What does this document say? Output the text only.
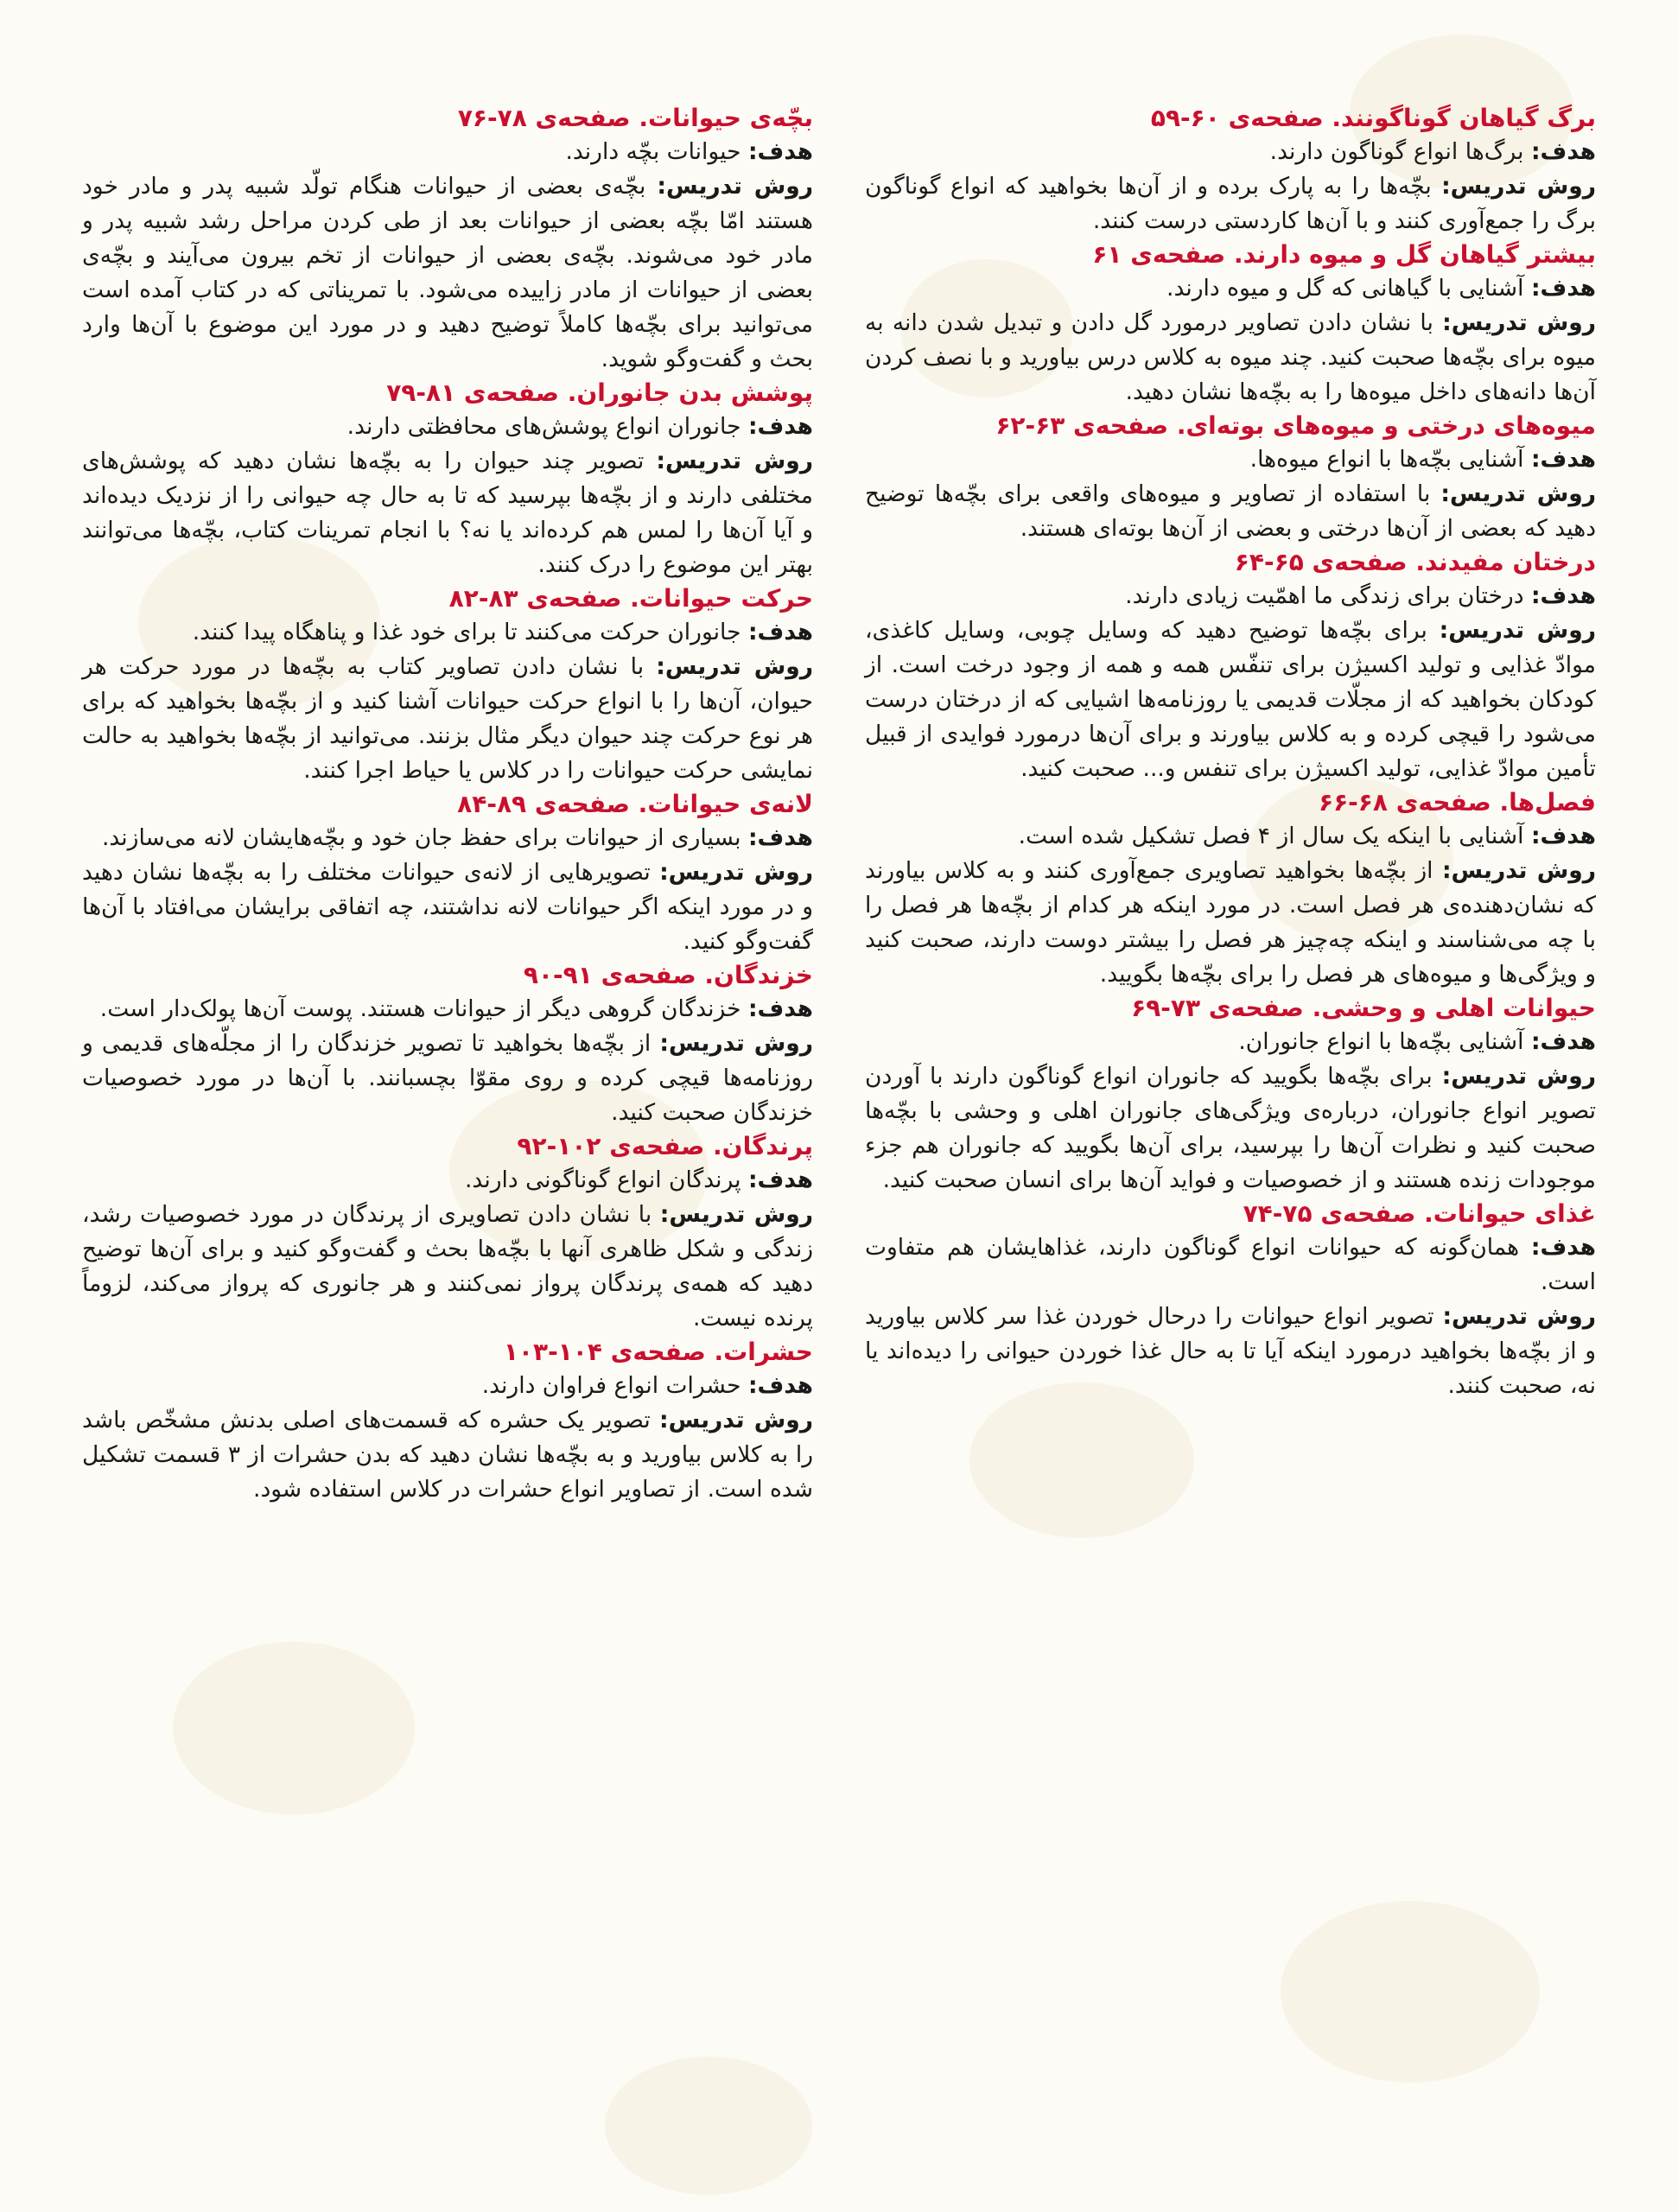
برگ گیاهان گوناگونند. صفحه‌ی ۶۰-۵۹

هدف: برگ‌ها انواع گوناگون دارند.

روش تدریس: بچّه‌ها را به پارک برده و از آن‌ها بخواهید که انواع گوناگون برگ را جمع‌آوری کنند و با آن‌ها کاردستی درست کنند.

بیشتر گیاهان گل و میوه دارند. صفحه‌ی ۶۱

هدف: آشنایی با گیاهانی که گل و میوه دارند.

روش تدریس: با نشان دادن تصاویر درمورد گل دادن و تبدیل شدن دانه به میوه برای بچّه‌ها صحبت کنید. چند میوه به کلاس درس بیاورید و با نصف کردن آن‌ها دانه‌های داخل میوه‌ها را به بچّه‌ها نشان دهید.

میوه‌های درختی و میوه‌های بوته‌ای. صفحه‌ی ۶۳-۶۲

هدف: آشنایی بچّه‌ها با انواع میوه‌ها.

روش تدریس: با استفاده از تصاویر و میوه‌های واقعی برای بچّه‌ها توضیح دهید که بعضی از آن‌ها درختی و بعضی از آن‌ها بوته‌ای هستند.

درختان مفیدند. صفحه‌ی ۶۵-۶۴

هدف: درختان برای زندگی ما اهمّیت زیادی دارند.

روش تدریس: برای بچّه‌ها توضیح دهید که وسایل چوبی، وسایل کاغذی، موادّ غذایی و تولید اکسیژن برای تنفّس همه و همه از وجود درخت است. از کودکان بخواهید که از مجلّات قدیمی یا روزنامه‌ها اشیایی که از درختان درست می‌شود را قیچی کرده و به کلاس بیاورند و برای آن‌ها درمورد فوایدی از قبیل تأمین موادّ غذایی، تولید اکسیژن برای تنفس و... صحبت کنید.

فصل‌ها. صفحه‌ی ۶۸-۶۶

هدف: آشنایی با اینکه یک سال از ۴ فصل تشکیل شده است.

روش تدریس: از بچّه‌ها بخواهید تصاویری جمع‌آوری کنند و به کلاس بیاورند که نشان‌دهنده‌ی هر فصل است. در مورد اینکه هر کدام از بچّه‌ها هر فصل را با چه می‌شناسند و اینکه چه‌چیز هر فصل را بیشتر دوست دارند، صحبت کنید و ویژگی‌ها و میوه‌های هر فصل را برای بچّه‌ها بگویید.

حیوانات اهلی و وحشی. صفحه‌ی ۷۳-۶۹

هدف: آشنایی بچّه‌ها با انواع جانوران.

روش تدریس: برای بچّه‌ها بگویید که جانوران انواع گوناگون دارند با آوردن تصویر انواع جانوران، درباره‌ی ویژگی‌های جانوران اهلی و وحشی با بچّه‌ها صحبت کنید و نظرات آن‌ها را بپرسید، برای آن‌ها بگویید که جانوران هم جزء موجودات زنده هستند و از خصوصیات و فواید آن‌ها برای انسان صحبت کنید.

غذای حیوانات. صفحه‌ی ۷۵-۷۴

هدف: همان‌گونه که حیوانات انواع گوناگون دارند، غذاهایشان هم متفاوت است.

روش تدریس: تصویر انواع حیوانات را درحال خوردن غذا سر کلاس بیاورید و از بچّه‌ها بخواهید درمورد اینکه آیا تا به حال غذا خوردن حیوانی را دیده‌اند یا نه، صحبت کنند.

بچّه‌ی حیوانات. صفحه‌ی ۷۸-۷۶

هدف: حیوانات بچّه دارند.

روش تدریس: بچّه‌ی بعضی از حیوانات هنگام تولّد شبیه پدر و مادر خود هستند امّا بچّه بعضی از حیوانات بعد از طی کردن مراحل رشد شبیه پدر و مادر خود می‌شوند. بچّه‌ی بعضی از حیوانات از تخم بیرون می‌آیند و بچّه‌ی بعضی از حیوانات از مادر زاییده می‌شود. با تمریناتی که در کتاب آمده است می‌توانید برای بچّه‌ها کاملاً توضیح دهید و در مورد این موضوع با آن‌ها وارد بحث و گفت‌وگو شوید.

پوشش بدن جانوران. صفحه‌ی ۸۱-۷۹

هدف: جانوران انواع پوشش‌های محافظتی دارند.

روش تدریس: تصویر چند حیوان را به بچّه‌ها نشان دهید که پوشش‌های مختلفی دارند و از بچّه‌ها بپرسید که تا به حال چه حیوانی را از نزدیک دیده‌اند و آیا آن‌ها را لمس هم کرده‌اند یا نه؟ با انجام تمرینات کتاب، بچّه‌ها می‌توانند بهتر این موضوع را درک کنند.

حرکت حیوانات. صفحه‌ی ۸۳-۸۲

هدف: جانوران حرکت می‌کنند تا برای خود غذا و پناهگاه پیدا کنند.

روش تدریس: با نشان دادن تصاویر کتاب به بچّه‌ها در مورد حرکت هر حیوان، آن‌ها را با انواع حرکت حیوانات آشنا کنید و از بچّه‌ها بخواهید که برای هر نوع حرکت چند حیوان دیگر مثال بزنند. می‌توانید از بچّه‌ها بخواهید به حالت نمایشی حرکت حیوانات را در کلاس یا حیاط اجرا کنند.

لانه‌ی حیوانات. صفحه‌ی ۸۹-۸۴

هدف: بسیاری از حیوانات برای حفظ جان خود و بچّه‌هایشان لانه می‌سازند.

روش تدریس: تصویرهایی از لانه‌ی حیوانات مختلف را به بچّه‌ها نشان دهید و در مورد اینکه اگر حیوانات لانه نداشتند، چه اتفاقی برایشان می‌افتاد با آن‌ها گفت‌وگو کنید.

خزندگان. صفحه‌ی ۹۱-۹۰

هدف: خزندگان گروهی دیگر از حیوانات هستند. پوست آن‌ها پولک‌دار است.

روش تدریس: از بچّه‌ها بخواهید تا تصویر خزندگان را از مجلّه‌های قدیمی و روزنامه‌ها قیچی کرده و روی مقوّا بچسبانند. با آن‌ها در مورد خصوصیات خزندگان صحبت کنید.

پرندگان. صفحه‌ی ۱۰۲-۹۲

هدف: پرندگان انواع گوناگونی دارند.

روش تدریس: با نشان دادن تصاویری از پرندگان در مورد خصوصیات رشد، زندگی و شکل ظاهری آنها با بچّه‌ها بحث و گفت‌وگو کنید و برای آن‌ها توضیح دهید که همه‌ی پرندگان پرواز نمی‌کنند و هر جانوری که پرواز می‌کند، لزوماً پرنده نیست.

حشرات. صفحه‌ی ۱۰۴-۱۰۳

هدف: حشرات انواع فراوان دارند.

روش تدریس: تصویر یک حشره که قسمت‌های اصلی بدنش مشخّص باشد را به کلاس بیاورید و به بچّه‌ها نشان دهید که بدن حشرات از ۳ قسمت تشکیل شده است. از تصاویر انواع حشرات در کلاس استفاده شود.
